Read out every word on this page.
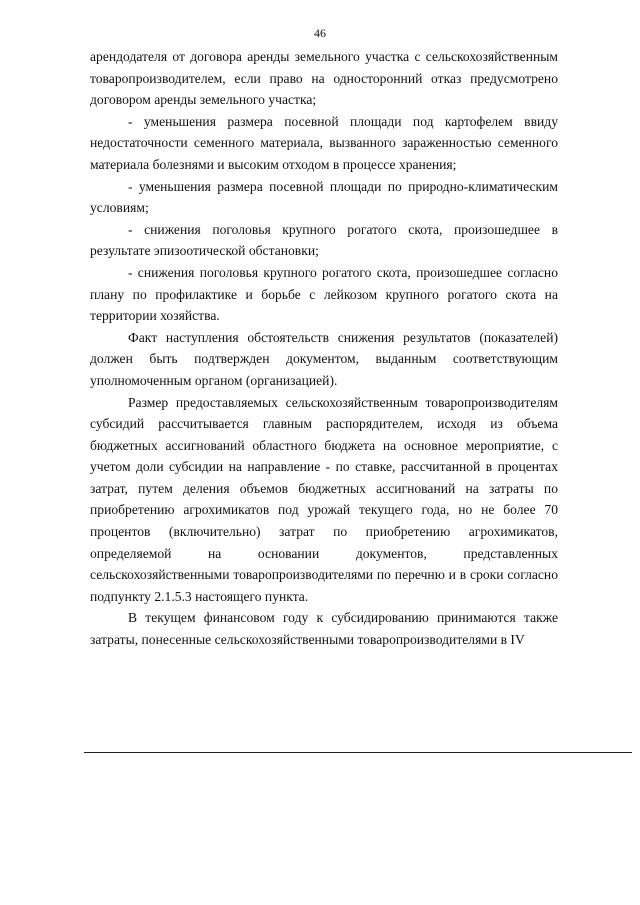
46

арендодателя от договора аренды земельного участка с сельскохозяйственным товаропроизводителем, если право на односторонний отказ предусмотрено договором аренды земельного участка;

- уменьшения размера посевной площади под картофелем ввиду недостаточности семенного материала, вызванного зараженностью семенного материала болезнями и высоким отходом в процессе хранения;

- уменьшения размера посевной площади по природно-климатическим условиям;

- снижения поголовья крупного рогатого скота, произошедшее в результате эпизоотической обстановки;

- снижения поголовья крупного рогатого скота, произошедшее согласно плану по профилактике и борьбе с лейкозом крупного рогатого скота на территории хозяйства.

Факт наступления обстоятельств снижения результатов (показателей) должен быть подтвержден документом, выданным соответствующим уполномоченным органом (организацией).

Размер предоставляемых сельскохозяйственным товаропроизводителям субсидий рассчитывается главным распорядителем, исходя из объема бюджетных ассигнований областного бюджета на основное мероприятие, с учетом доли субсидии на направление - по ставке, рассчитанной в процентах затрат, путем деления объемов бюджетных ассигнований на затраты по приобретению агрохимикатов под урожай текущего года, но не более 70 процентов (включительно) затрат по приобретению агрохимикатов, определяемой на основании документов, представленных сельскохозяйственными товаропроизводителями по перечню и в сроки согласно подпункту 2.1.5.3 настоящего пункта.

В текущем финансовом году к субсидированию принимаются также затраты, понесенные сельскохозяйственными товаропроизводителями в IV
